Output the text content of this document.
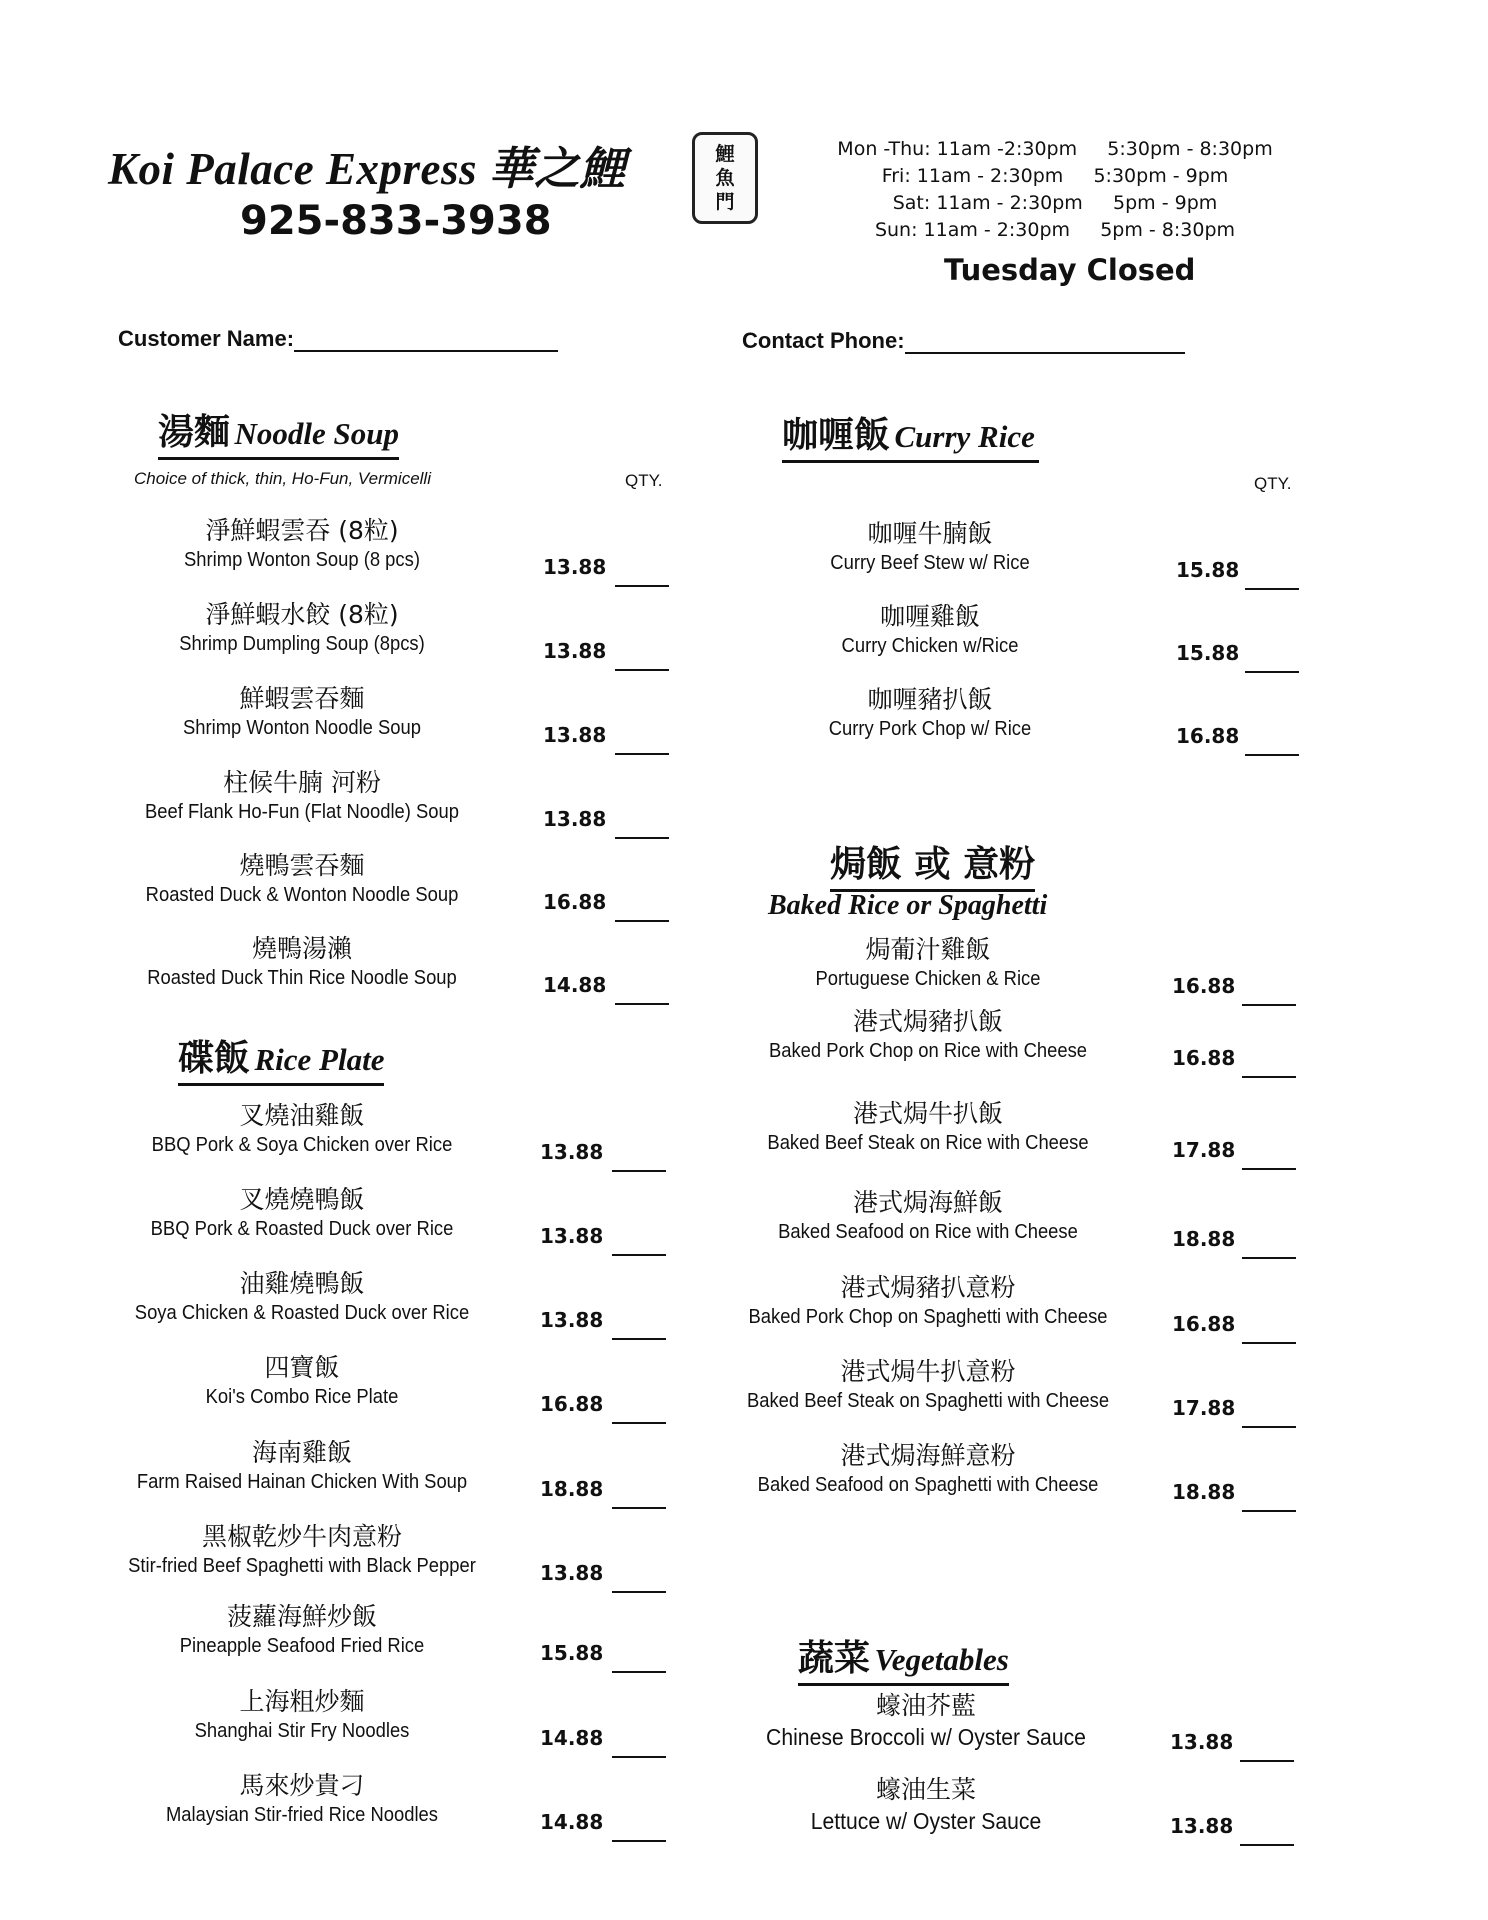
Koi Palace Express 華之鯉
925-833-3938
鯉
魚
門
Mon -Thu: 11am -2:30pm     5:30pm - 8:30pm
Fri: 11am - 2:30pm     5:30pm - 9pm
Sat: 11am - 2:30pm     5pm - 9pm
Sun: 11am - 2:30pm     5pm - 8:30pm
Tuesday Closed
Customer Name:	Contact Phone:
湯麵 Noodle Soup
Choice of thick, thin, Ho-Fun, Vermicelli	QTY.
淨鮮蝦雲吞 (8粒)
Shrimp Wonton Soup (8 pcs)	13.88
淨鮮蝦水餃 (8粒)
Shrimp Dumpling Soup (8pcs)	13.88
鮮蝦雲吞麵
Shrimp Wonton Noodle Soup	13.88
柱候牛腩 河粉
Beef Flank Ho-Fun (Flat Noodle) Soup	13.88
燒鴨雲吞麵
Roasted Duck & Wonton Noodle Soup	16.88
燒鴨湯瀨
Roasted Duck Thin Rice Noodle Soup	14.88
碟飯 Rice Plate
叉燒油雞飯
BBQ Pork & Soya Chicken over Rice	13.88
叉燒燒鴨飯
BBQ Pork & Roasted Duck over Rice	13.88
油雞燒鴨飯
Soya Chicken & Roasted Duck over Rice	13.88
四寶飯
Koi's Combo Rice Plate	16.88
海南雞飯
Farm Raised Hainan Chicken With Soup	18.88
黑椒乾炒牛肉意粉
Stir-fried Beef Spaghetti with Black Pepper	13.88
菠蘿海鮮炒飯
Pineapple Seafood Fried Rice	15.88
上海粗炒麵
Shanghai Stir Fry Noodles	14.88
馬來炒貴刁
Malaysian Stir-fried Rice Noodles	14.88
咖喱飯 Curry Rice
QTY.
咖喱牛腩飯
Curry Beef Stew w/ Rice	15.88
咖喱雞飯
Curry Chicken w/Rice	15.88
咖喱豬扒飯
Curry Pork Chop w/ Rice	16.88
焗飯 或 意粉
Baked Rice or Spaghetti
焗葡汁雞飯
Portuguese Chicken & Rice	16.88
港式焗豬扒飯
Baked Pork Chop on Rice with Cheese	16.88
港式焗牛扒飯
Baked Beef Steak on Rice with Cheese	17.88
港式焗海鮮飯
Baked Seafood on Rice with Cheese	18.88
港式焗豬扒意粉
Baked Pork Chop on Spaghetti with Cheese	16.88
港式焗牛扒意粉
Baked Beef Steak on Spaghetti with Cheese	17.88
港式焗海鮮意粉
Baked Seafood on Spaghetti with Cheese	18.88
蔬菜 Vegetables
蠔油芥藍
Chinese Broccoli w/ Oyster Sauce	13.88
蠔油生菜
Lettuce w/ Oyster Sauce	13.88
